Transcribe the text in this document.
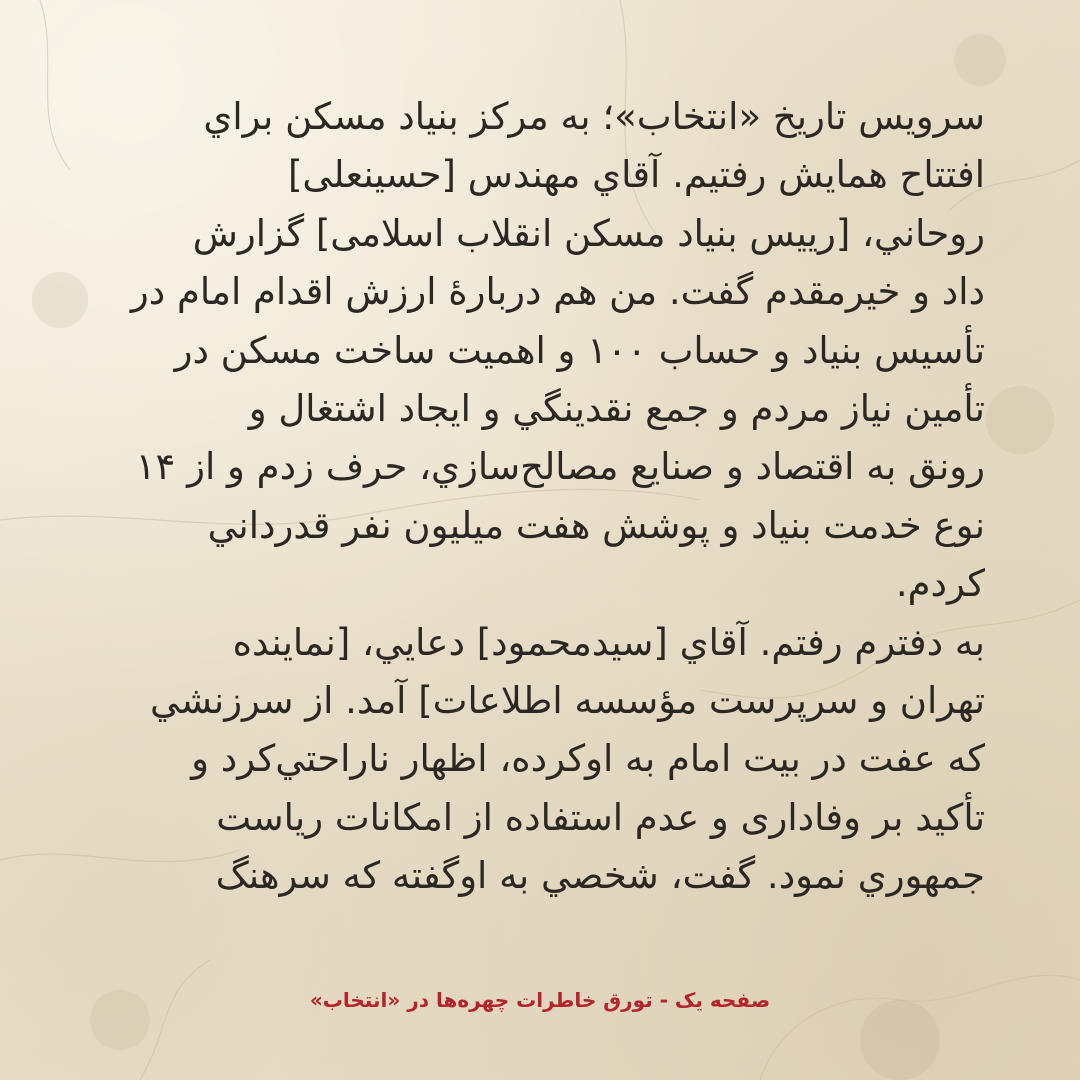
سرويس تاريخ «انتخاب»؛ به مركز بنياد مسكن براي
افتتاح همايش رفتيم. آقاي مهندس [حسينعلى]
روحاني، [رييس بنياد مسكن انقلاب اسلامى] گزارش
داد و خيرمقدم گفت. من هم دربارهٔ ارزش اقدام امام در
تأسيس بنياد و حساب ۱۰۰ و اهميت ساخت مسكن در
تأمين نياز مردم و جمع نقدينگي و ايجاد اشتغال و
رونق به اقتصاد و صنايع مصالح‌سازي، حرف زدم و از ۱۴
نوع خدمت بنياد و پوشش هفت ميليون نفر قدرداني
كردم.
به دفترم رفتم. آقاي [سيدمحمود] دعايي، [نماينده
تهران و سرپرست مؤسسه اطلاعات] آمد. از سرزنشي
كه عفت در بيت امام به اوكرده، اظهار ناراحتي‌كرد و
تأكيد بر وفادارى و عدم استفاده از امكانات رياست
جمهوري نمود. گفت، شخصي به اوگفته كه سرهنگ
صفحه یک - تورق خاطرات چهره‌ها در «انتخاب»
